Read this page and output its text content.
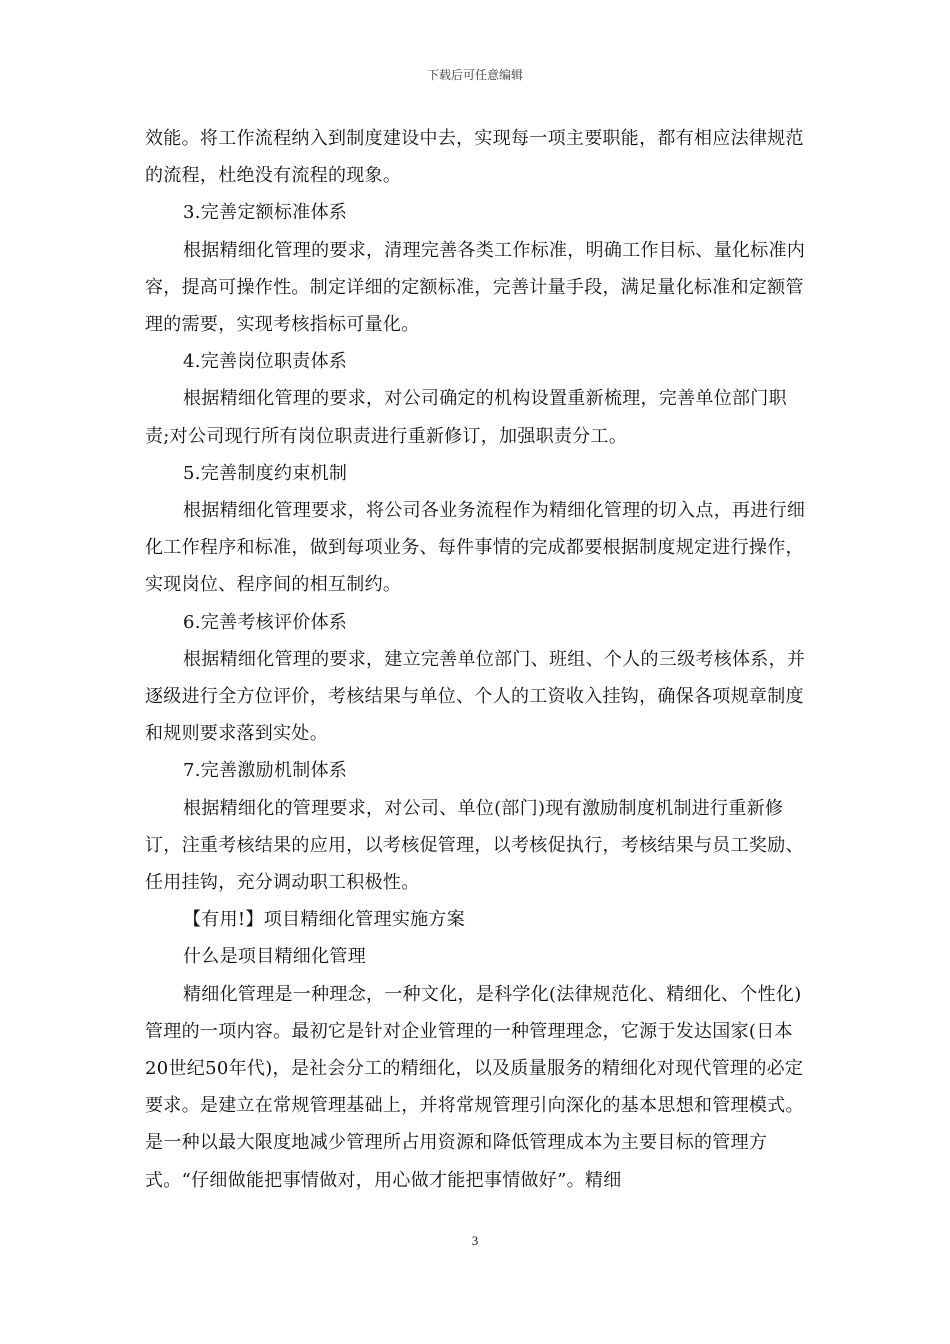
下载后可任意编辑

效能。将工作流程纳入到制度建设中去，实现每一项主要职能，都有相应法律规范的流程，杜绝没有流程的现象。

3.完善定额标准体系

根据精细化管理的要求，清理完善各类工作标准，明确工作目标、量化标准内容，提高可操作性。制定详细的定额标准，完善计量手段，满足量化标准和定额管理的需要，实现考核指标可量化。

4.完善岗位职责体系

根据精细化管理的要求，对公司确定的机构设置重新梳理，完善单位部门职责;对公司现行所有岗位职责进行重新修订，加强职责分工。

5.完善制度约束机制

根据精细化管理要求，将公司各业务流程作为精细化管理的切入点，再进行细化工作程序和标准，做到每项业务、每件事情的完成都要根据制度规定进行操作，实现岗位、程序间的相互制约。

6.完善考核评价体系

根据精细化管理的要求，建立完善单位部门、班组、个人的三级考核体系，并逐级进行全方位评价，考核结果与单位、个人的工资收入挂钩，确保各项规章制度和规则要求落到实处。

7.完善激励机制体系

根据精细化的管理要求，对公司、单位(部门)现有激励制度机制进行重新修订，注重考核结果的应用，以考核促管理，以考核促执行，考核结果与员工奖励、任用挂钩，充分调动职工积极性。

【有用!】项目精细化管理实施方案

什么是项目精细化管理

精细化管理是一种理念，一种文化，是科学化(法律规范化、精细化、个性化)管理的一项内容。最初它是针对企业管理的一种管理理念，它源于发达国家(日本20世纪50年代)，是社会分工的精细化，以及质量服务的精细化对现代管理的必定要求。是建立在常规管理基础上，并将常规管理引向深化的基本思想和管理模式。是一种以最大限度地减少管理所占用资源和降低管理成本为主要目标的管理方式。“仔细做能把事情做对，用心做才能把事情做好”。精细

3
